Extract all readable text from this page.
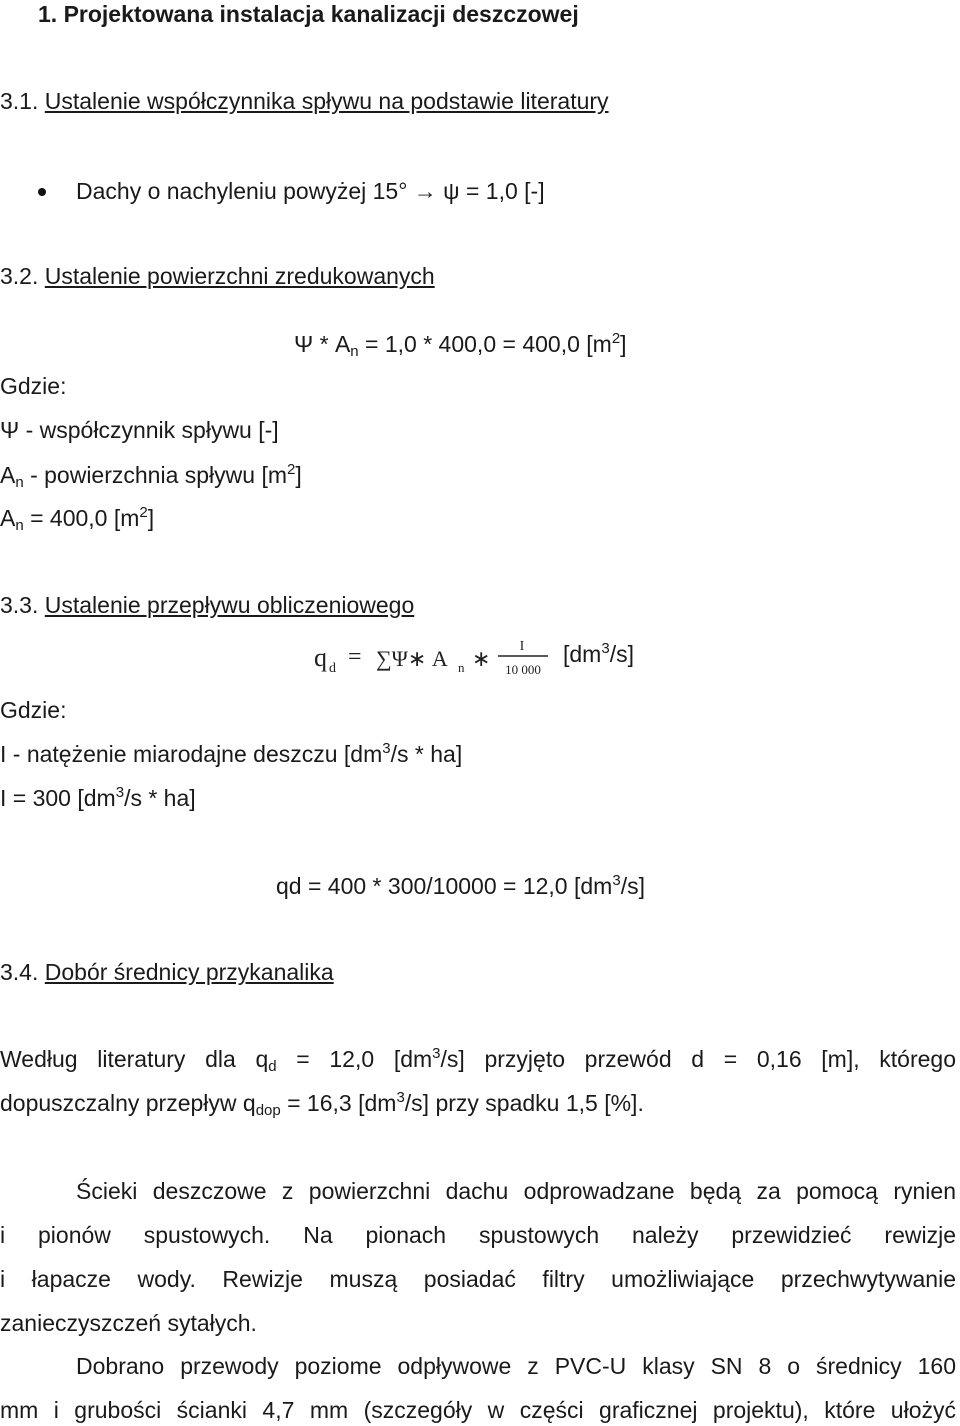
1. Projektowana instalacja kanalizacji deszczowej
3.1. Ustalenie współczynnika spływu na podstawie literatury
Dachy o nachyleniu powyżej 15° → ψ = 1,0 [-]
3.2. Ustalenie powierzchni zredukowanych
$\Psi * A_n = 1,0 * 400,0 = 400,0$ $[m^2]$
Gdzie:
Ψ - współczynnik spływu [-]
$A_n$ - powierzchnia spływu $[m^2]$
$A_n = 400,0$ $[m^2]$
3.3. Ustalenie przepływu obliczeniowego
q d = ∑Ψ∗ A n ∗ I
10 000
$[dm^3/s]$
Gdzie:
I - natężenie miarodajne deszczu $[dm^3/s * ha]$
I = 300 $[dm^3/s * ha]$
qd = 400 * 300/10000 = 12,0 $[dm^3/s]$
3.4. Dobór średnicy przykanalika
Według literatury dla $q_d = 12,0$ $[dm^3/s]$ przyjęto przewód d = 0,16 [m], którego
dopuszczalny przepływ $q_{dop} = 16,3$ $[dm^3/s]$ przy spadku 1,5 [%].
Ścieki deszczowe z powierzchni dachu odprowadzane będą za pomocą rynien
i pionów spustowych. Na pionach spustowych należy przewidzieć rewizje
i łapacze wody. Rewizje muszą posiadać filtry umożliwiające przechwytywanie
zanieczyszczeń sytałych.
Dobrano przewody poziome odpływowe z PVC-U klasy SN 8 o średnicy 160
mm i grubości ścianki 4,7 mm (szczegóły w części graficznej projektu), które ułożyć
